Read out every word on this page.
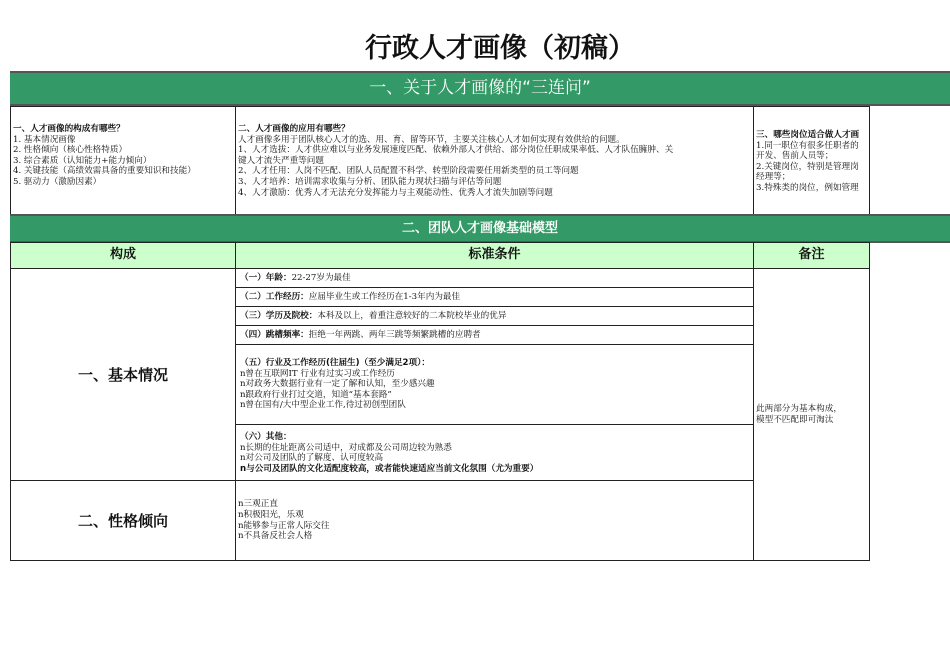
行政人才画像（初稿）
一、关于人才画像的“三连问”
一、人才画像的构成有哪些？
1. 基本情况画像
2. 性格倾向（核心性格特质）
3. 综合素质（认知能力+能力倾向）
4. 关键技能（高绩效需具备的重要知识和技能）
5. 驱动力（激励因素）
二、人才画像的应用有哪些？
人才画像多用于团队核心人才的选、用、育、留等环节，主要关注核心人才如何实现有效供给的问题。
1、人才选拔：人才供应难以与业务发展速度匹配、依赖外部人才供给、部分岗位任职成果率低、人才队伍臃肿、关
键人才流失严重等问题
2、人才任用：人岗不匹配、团队人员配置不科学、转型阶段需要任用新类型的员工等问题
3、人才培养：培训需求收集与分析、团队能力现状扫描与评估等问题
4、人才激励：优秀人才无法充分发挥能力与主观能动性、优秀人才流失加剧等问题
三、哪些岗位适合做人才画
1.同一职位有很多任职者的
开发、售前人员等；
2.关键岗位，特别是管理岗
经理等；
3.特殊类的岗位，例如管理
二、团队人才画像基础模型
构成	标准条件	备注
一、基本情况
二、性格倾向
（一）年龄：22-27岁为最佳
（二）工作经历：应届毕业生或工作经历在1-3年内为最佳
（三）学历及院校：本科及以上，着重注意较好的二本院校毕业的优异
（四）跳槽频率：拒绝一年两跳、两年三跳等频繁跳槽的应聘者
（五）行业及工作经历(往届生)（至少满足2项）：
n曾在互联网IT 行业有过实习或工作经历
n对政务大数据行业有一定了解和认知，至少感兴趣
n跟政府行业打过交道，知道“基本套路”
n曾在国有/大中型企业工作,待过初创型团队
（六）其他：
n长期的住址距离公司适中，对成都及公司周边较为熟悉
n对公司及团队的了解度、认可度较高
n与公司及团队的文化适配度较高，或者能快速适应当前文化氛围（尤为重要）
n三观正直
n积极阳光，乐观
n能够参与正常人际交往
n不具备反社会人格
此两部分为基本构成，
模型不匹配即可淘汰
